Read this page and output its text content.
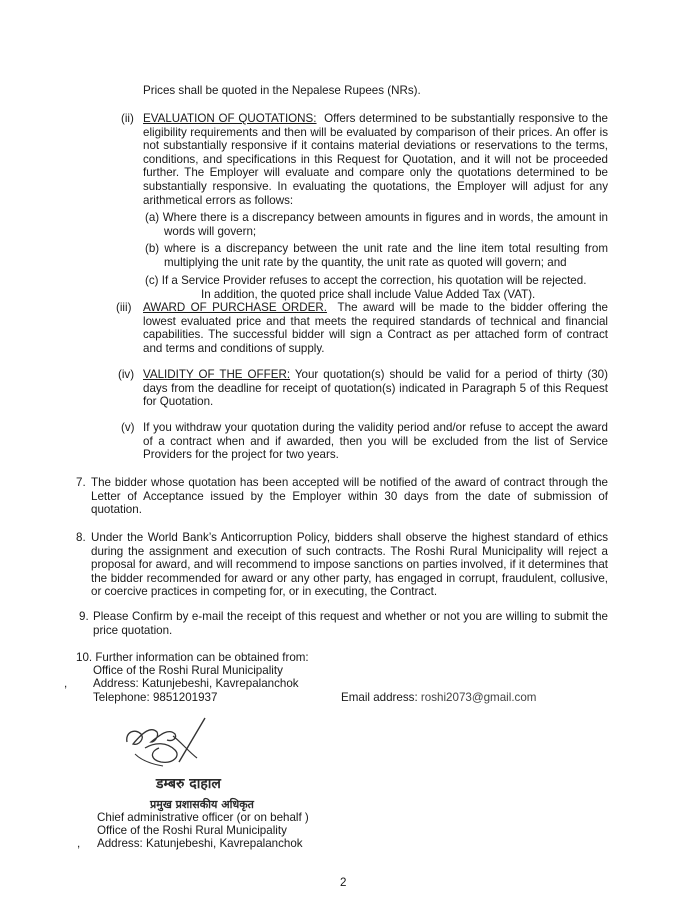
Prices shall be quoted in the Nepalese Rupees (NRs).
(ii) EVALUATION OF QUOTATIONS: Offers determined to be substantially responsive to the eligibility requirements and then will be evaluated by comparison of their prices. An offer is not substantially responsive if it contains material deviations or reservations to the terms, conditions, and specifications in this Request for Quotation, and it will not be proceeded further. The Employer will evaluate and compare only the quotations determined to be substantially responsive. In evaluating the quotations, the Employer will adjust for any arithmetical errors as follows:
(a) Where there is a discrepancy between amounts in figures and in words, the amount in words will govern;
(b) where is a discrepancy between the unit rate and the line item total resulting from multiplying the unit rate by the quantity, the unit rate as quoted will govern; and
(c) If a Service Provider refuses to accept the correction, his quotation will be rejected.
In addition, the quoted price shall include Value Added Tax (VAT).
(iii) AWARD OF PURCHASE ORDER. The award will be made to the bidder offering the lowest evaluated price and that meets the required standards of technical and financial capabilities. The successful bidder will sign a Contract as per attached form of contract and terms and conditions of supply.
(iv) VALIDITY OF THE OFFER: Your quotation(s) should be valid for a period of thirty (30) days from the deadline for receipt of quotation(s) indicated in Paragraph 5 of this Request for Quotation.
(v) If you withdraw your quotation during the validity period and/or refuse to accept the award of a contract when and if awarded, then you will be excluded from the list of Service Providers for the project for two years.
7. The bidder whose quotation has been accepted will be notified of the award of contract through the Letter of Acceptance issued by the Employer within 30 days from the date of submission of quotation.
8. Under the World Bank’s Anticorruption Policy, bidders shall observe the highest standard of ethics during the assignment and execution of such contracts. The Roshi Rural Municipality will reject a proposal for award, and will recommend to impose sanctions on parties involved, if it determines that the bidder recommended for award or any other party, has engaged in corrupt, fraudulent, collusive, or coercive practices in competing for, or in executing, the Contract.
9. Please Confirm by e-mail the receipt of this request and whether or not you are willing to submit the price quotation.
10. Further information can be obtained from:
Office of the Roshi Rural Municipality
, Address: Katunjebeshi, Kavrepalanchok
Telephone: 9851201937	Email address: roshi2073@gmail.com
डम्बरु दाहाल
प्रमुख प्रशासकीय अधिकृत
Chief administrative officer (or on behalf )
Office of the Roshi Rural Municipality
, Address: Katunjebeshi, Kavrepalanchok
2
